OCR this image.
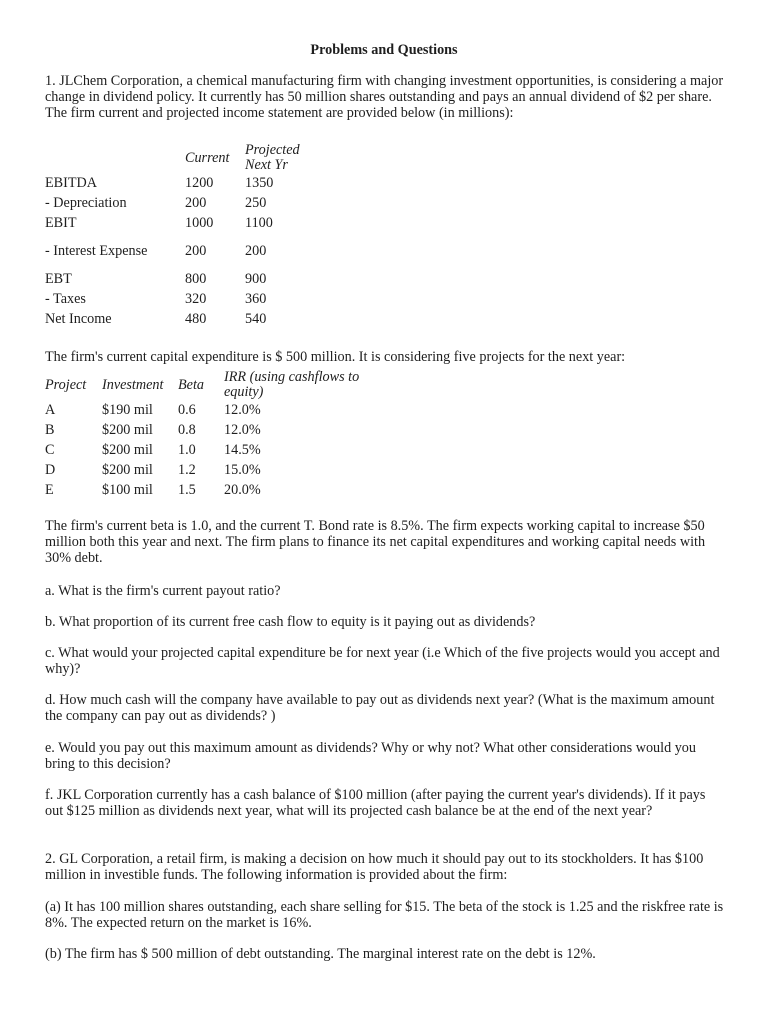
Problems and Questions

1. JLChem Corporation, a chemical manufacturing firm with changing investment opportunities, is considering a major change in dividend policy. It currently has 50 million shares outstanding and pays an annual dividend of $2 per share. The firm current and projected income statement are provided below (in millions):

	Current	Projected Next Yr
EBITDA	1200	1350
- Depreciation	200	250
EBIT	1000	1100
- Interest Expense	200	200
EBT	800	900
- Taxes	320	360
Net Income	480	540

The firm's current capital expenditure is $ 500 million. It is considering five projects for the next year:

Project	Investment	Beta	IRR (using cashflows to equity)
A	$190 mil	0.6	12.0%
B	$200 mil	0.8	12.0%
C	$200 mil	1.0	14.5%
D	$200 mil	1.2	15.0%
E	$100 mil	1.5	20.0%

The firm's current beta is 1.0, and the current T. Bond rate is 8.5%. The firm expects working capital to increase $50 million both this year and next. The firm plans to finance its net capital expenditures and working capital needs with 30% debt.

a. What is the firm's current payout ratio?

b. What proportion of its current free cash flow to equity is it paying out as dividends?

c. What would your projected capital expenditure be for next year (i.e Which of the five projects would you accept and why)?

d. How much cash will the company have available to pay out as dividends next year? (What is the maximum amount the company can pay out as dividends? )

e. Would you pay out this maximum amount as dividends? Why or why not? What other considerations would you bring to this decision?

f. JKL Corporation currently has a cash balance of $100 million (after paying the current year's dividends). If it pays out $125 million as dividends next year, what will its projected cash balance be at the end of the next year?

2. GL Corporation, a retail firm, is making a decision on how much it should pay out to its stockholders. It has $100 million in investible funds. The following information is provided about the firm:

(a) It has 100 million shares outstanding, each share selling for $15. The beta of the stock is 1.25 and the riskfree rate is 8%. The expected return on the market is 16%.

(b) The firm has $ 500 million of debt outstanding. The marginal interest rate on the debt is 12%.
